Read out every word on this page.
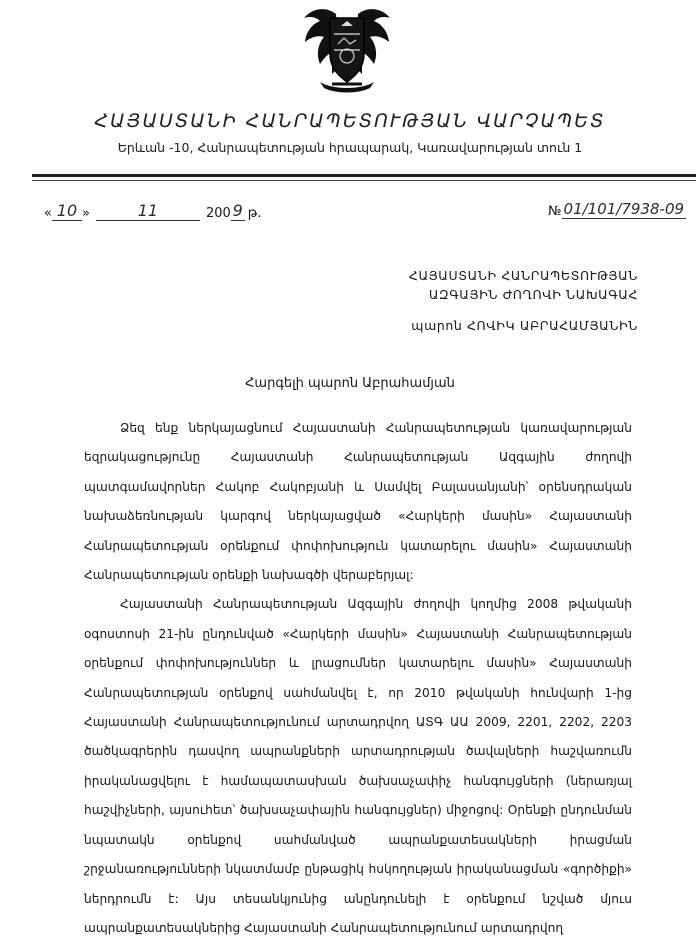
ՀԱՅԱՍՏԱՆԻ ՀԱՆՐԱՊԵՏՈՒԹՅԱՆ ՎԱՐՉԱՊԵՏ
Երևան -10, Հանրապետության հրապարակ, Կառավարության տուն 1
« 10 »	11	200 9 թ.	№ 01/101/7938-09
ՀԱՅԱՍՏԱՆԻ ՀԱՆՐԱՊԵՏՈՒԹՅԱՆ
ԱԶԳԱՅԻՆ ԺՈՂՈՎԻ ՆԱԽԱԳԱՀ
պարոն ՀՈՎԻԿ ԱԲՐԱՀԱՄՅԱՆԻՆ
Հարգելի պարոն Աբրահամյան

Ձեզ ենք ներկայացնում Հայաստանի Հանրապետության կառավարության եզրակացությունը Հայաստանի Հանրապետության Ազգային ժողովի պատգամավորներ Հակոբ Հակոբյանի և Սամվել Բալասանյանի՝ օրենսդրական նախաձեռնության կարգով ներկայացված «Հարկերի մասին» Հայաստանի Հանրապետության օրենքում փոփոխություն կատարելու մասին» Հայաստանի Հանրապետության օրենքի նախագծի վերաբերյալ:

Հայաստանի Հանրապետության Ազգային ժողովի կողմից 2008 թվականի օգոստոսի 21-ին ընդունված «Հարկերի մասին» Հայաստանի Հանրապետության օրենքում փոփոխություններ և լրացումներ կատարելու մասին» Հայաստանի Հանրապետության օրենքով սահմանվել է, որ 2010 թվականի հունվարի 1-ից Հայաստանի Հանրապետությունում արտադրվող ԱՏԳ ԱԱ 2009, 2201, 2202, 2203 ծածկագրերին դասվող ապրանքների արտադրության ծավալների հաշվառումն իրականացվելու է համապատասխան ծախսաչափիչ հանգույցների (ներառյալ հաշվիչների, այսուհետ՝ ծախսաչափային հանգույցներ) միջոցով: Օրենքի ընդունման նպատակն օրենքով սահմանված ապրանքատեսակների իրացման շրջանառությունների նկատմամբ ընթացիկ հսկողության իրականացման «գործիքի» ներդրումն է: Այս տեսանկյունից անընդունելի է օրենքում նշված մյուս ապրանքատեսակներից Հայաստանի Հանրապետությունում արտադրվող
